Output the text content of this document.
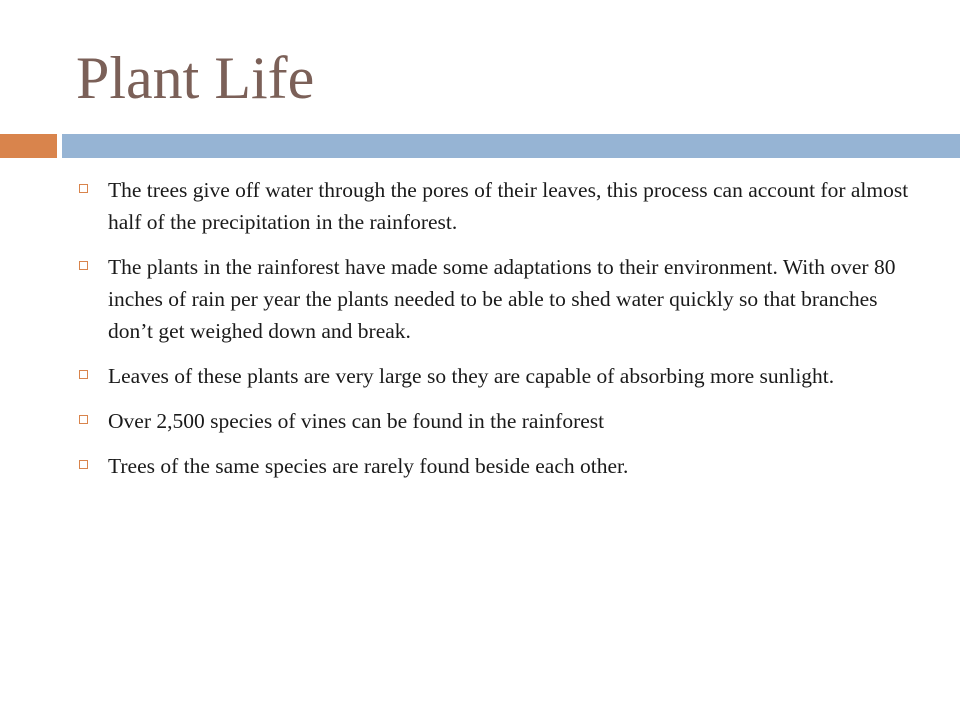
Plant Life
The trees give off water through the pores of their leaves, this process can account for almost half of the precipitation in the rainforest.
The plants in the rainforest have made some adaptations to their environment. With over 80 inches of rain per year the plants needed to be able to shed water quickly so that branches don’t get weighed down and break.
Leaves of these plants are very large so they are capable of absorbing more sunlight.
Over 2,500 species of vines can be found in the rainforest
Trees of the same species are rarely found beside each other.
